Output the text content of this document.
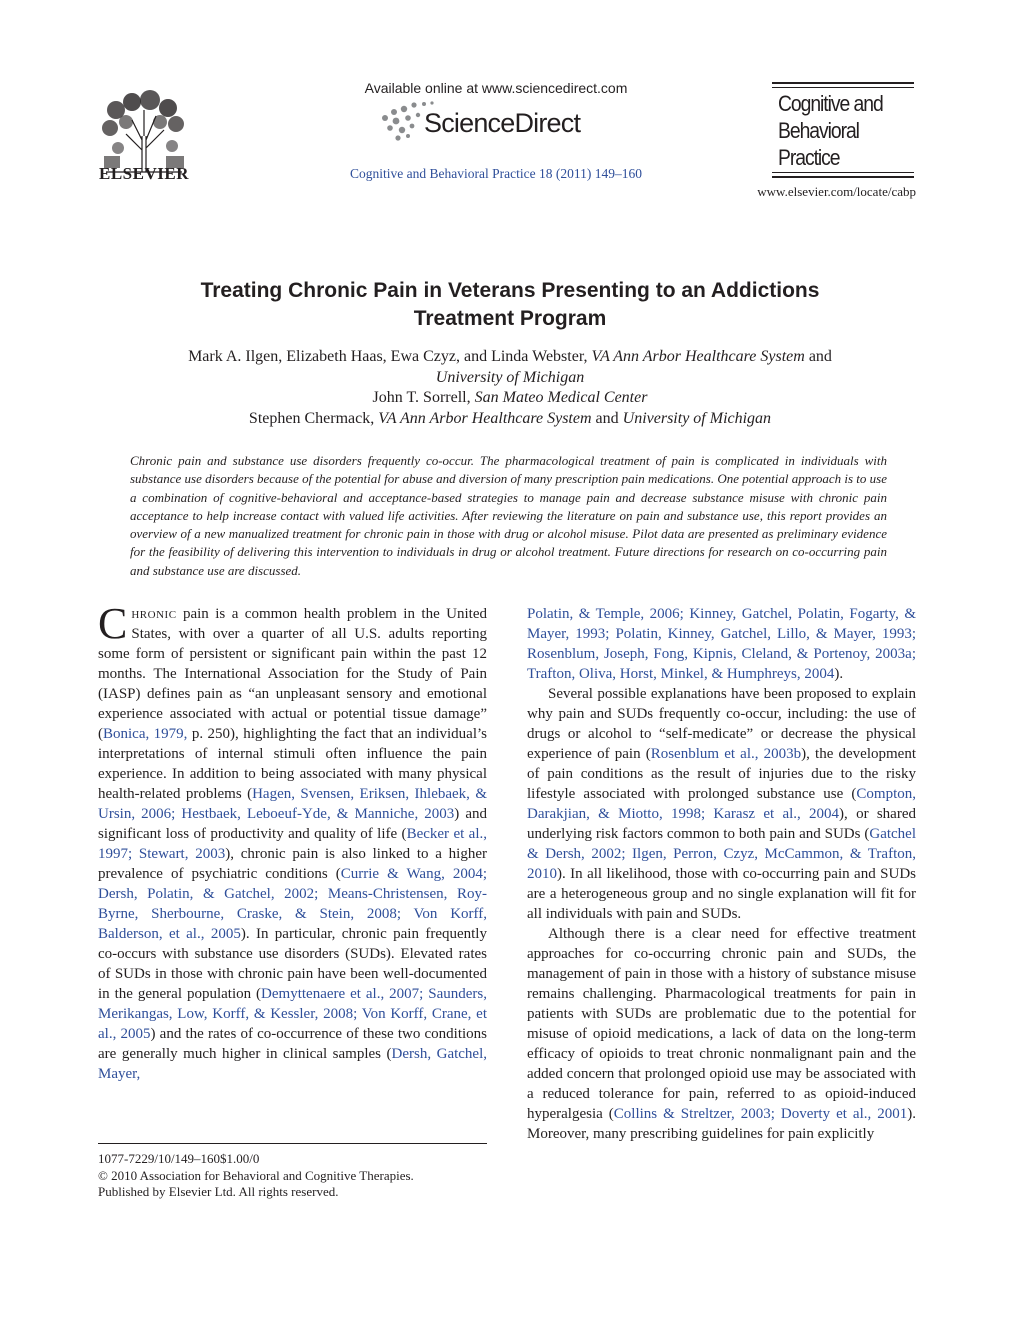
ELSEVIER
Available online at www.sciencedirect.com
ScienceDirect
Cognitive and Behavioral Practice 18 (2011) 149–160
Cognitive and
Behavioral
Practice
www.elsevier.com/locate/cabp
Treating Chronic Pain in Veterans Presenting to an Addictions
Treatment Program
Mark A. Ilgen, Elizabeth Haas, Ewa Czyz, and Linda Webster, VA Ann Arbor Healthcare System and
University of Michigan
John T. Sorrell, San Mateo Medical Center
Stephen Chermack, VA Ann Arbor Healthcare System and University of Michigan

Chronic pain and substance use disorders frequently co-occur. The pharmacological treatment of pain is complicated in individuals with substance use disorders because of the potential for abuse and diversion of many prescription pain medications. One potential approach is to use a combination of cognitive-behavioral and acceptance-based strategies to manage pain and decrease substance misuse with chronic pain acceptance to help increase contact with valued life activities. After reviewing the literature on pain and substance use, this report provides an overview of a new manualized treatment for chronic pain in those with drug or alcohol misuse. Pilot data are presented as preliminary evidence for the feasibility of delivering this intervention to individuals in drug or alcohol treatment. Future directions for research on co-occurring pain and substance use are discussed.

Chronic pain is a common health problem in the United States, with over a quarter of all U.S. adults reporting some form of persistent or significant pain within the past 12 months. The International Association for the Study of Pain (IASP) defines pain as “an unpleasant sensory and emotional experience associated with actual or potential tissue damage” (Bonica, 1979, p. 250), highlighting the fact that an individual’s interpretations of internal stimuli often influence the pain experience. In addition to being associated with many physical health-related problems (Hagen, Svensen, Eriksen, Ihlebaek, & Ursin, 2006; Hestbaek, Leboeuf-Yde, & Manniche, 2003) and significant loss of productivity and quality of life (Becker et al., 1997; Stewart, 2003), chronic pain is also linked to a higher prevalence of psychiatric conditions (Currie & Wang, 2004; Dersh, Polatin, & Gatchel, 2002; Means-Christensen, Roy-Byrne, Sherbourne, Craske, & Stein, 2008; Von Korff, Balderson, et al., 2005). In particular, chronic pain frequently co-occurs with substance use disorders (SUDs). Elevated rates of SUDs in those with chronic pain have been well-documented in the general population (Demyttenaere et al., 2007; Saunders, Merikangas, Low, Korff, & Kessler, 2008; Von Korff, Crane, et al., 2005) and the rates of co-occurrence of these two conditions are generally much higher in clinical samples (Dersh, Gatchel, Mayer,

1077-7229/10/149–160$1.00/0
© 2010 Association for Behavioral and Cognitive Therapies.
Published by Elsevier Ltd. All rights reserved.

Polatin, & Temple, 2006; Kinney, Gatchel, Polatin, Fogarty, & Mayer, 1993; Polatin, Kinney, Gatchel, Lillo, & Mayer, 1993; Rosenblum, Joseph, Fong, Kipnis, Cleland, & Portenoy, 2003a; Trafton, Oliva, Horst, Minkel, & Humphreys, 2004).

Several possible explanations have been proposed to explain why pain and SUDs frequently co-occur, including: the use of drugs or alcohol to “self-medicate” or decrease the physical experience of pain (Rosenblum et al., 2003b), the development of pain conditions as the result of injuries due to the risky lifestyle associated with prolonged substance use (Compton, Darakjian, & Miotto, 1998; Karasz et al., 2004), or shared underlying risk factors common to both pain and SUDs (Gatchel & Dersh, 2002; Ilgen, Perron, Czyz, McCammon, & Trafton, 2010). In all likelihood, those with co-occurring pain and SUDs are a heterogeneous group and no single explanation will fit for all individuals with pain and SUDs.

Although there is a clear need for effective treatment approaches for co-occurring chronic pain and SUDs, the management of pain in those with a history of substance misuse remains challenging. Pharmacological treatments for pain in patients with SUDs are problematic due to the potential for misuse of opioid medications, a lack of data on the long-term efficacy of opioids to treat chronic nonmalignant pain and the added concern that prolonged opioid use may be associated with a reduced tolerance for pain, referred to as opioid-induced hyperalgesia (Collins & Streltzer, 2003; Doverty et al., 2001). Moreover, many prescribing guidelines for pain explicitly
